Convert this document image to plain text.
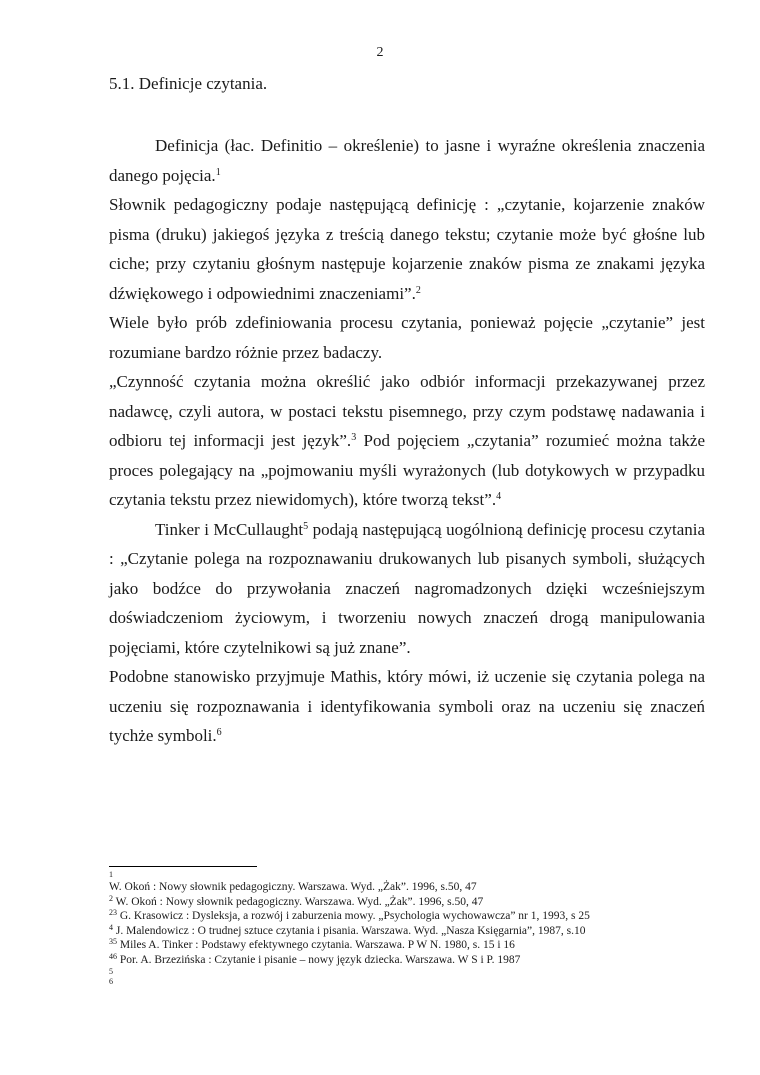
2
5.1. Definicje czytania.

Definicja (łac. Definitio – określenie) to jasne i wyraźne określenia znaczenia danego pojęcia.$^1$

Słownik pedagogiczny podaje następującą definicję : „czytanie, kojarzenie znaków pisma (druku) jakiegoś języka z treścią danego tekstu; czytanie może być głośne lub ciche; przy czytaniu głośnym następuje kojarzenie znaków pisma ze znakami języka dźwiękowego i odpowiednimi znaczeniami”.$^2$

Wiele było prób zdefiniowania procesu czytania, ponieważ pojęcie „czytanie” jest rozumiane bardzo różnie przez badaczy.

„Czynność czytania można określić jako odbiór informacji przekazywanej przez nadawcę, czyli autora, w postaci tekstu pisemnego, przy czym podstawę nadawania i odbioru tej informacji jest język”.$^3$ Pod pojęciem „czytania” rozumieć można także proces polegający na „pojmowaniu myśli wyrażonych (lub dotykowych w przypadku czytania tekstu przez niewidomych), które tworzą tekst”.$^4$

Tinker i McCullaught$^5$ podają następującą uogólnioną definicję procesu czytania : „Czytanie polega na rozpoznawaniu drukowanych lub pisanych symboli, służących jako bodźce do przywołania znaczeń nagromadzonych dzięki wcześniejszym doświadczeniom życiowym, i tworzeniu nowych znaczeń drogą manipulowania pojęciami, które czytelnikowi są już znane”.

Podobne stanowisko przyjmuje Mathis, który mówi, iż uczenie się czytania polega na uczeniu się rozpoznawania i identyfikowania symboli oraz na uczeniu się znaczeń tychże symboli.$^6$

1
W. Okoń : Nowy słownik pedagogiczny. Warszawa. Wyd. „Żak”. 1996, s.50, 47
$^2$ W. Okoń : Nowy słownik pedagogiczny. Warszawa. Wyd. „Żak”. 1996, s.50, 47
$^{23}$ G. Krasowicz : Dysleksja, a rozwój i zaburzenia mowy. „Psychologia wychowawcza” nr 1, 1993, s 25
$^4$ J. Malendowicz : O trudnej sztuce czytania i pisania. Warszawa. Wyd. „Nasza Księgarnia”, 1987, s.10
$^{35}$ Miles A. Tinker : Podstawy efektywnego czytania. Warszawa. P W N. 1980, s. 15 i 16
$^{46}$ Por. A. Brzezińska : Czytanie i pisanie – nowy język dziecka. Warszawa. W S i P. 1987
5
6
